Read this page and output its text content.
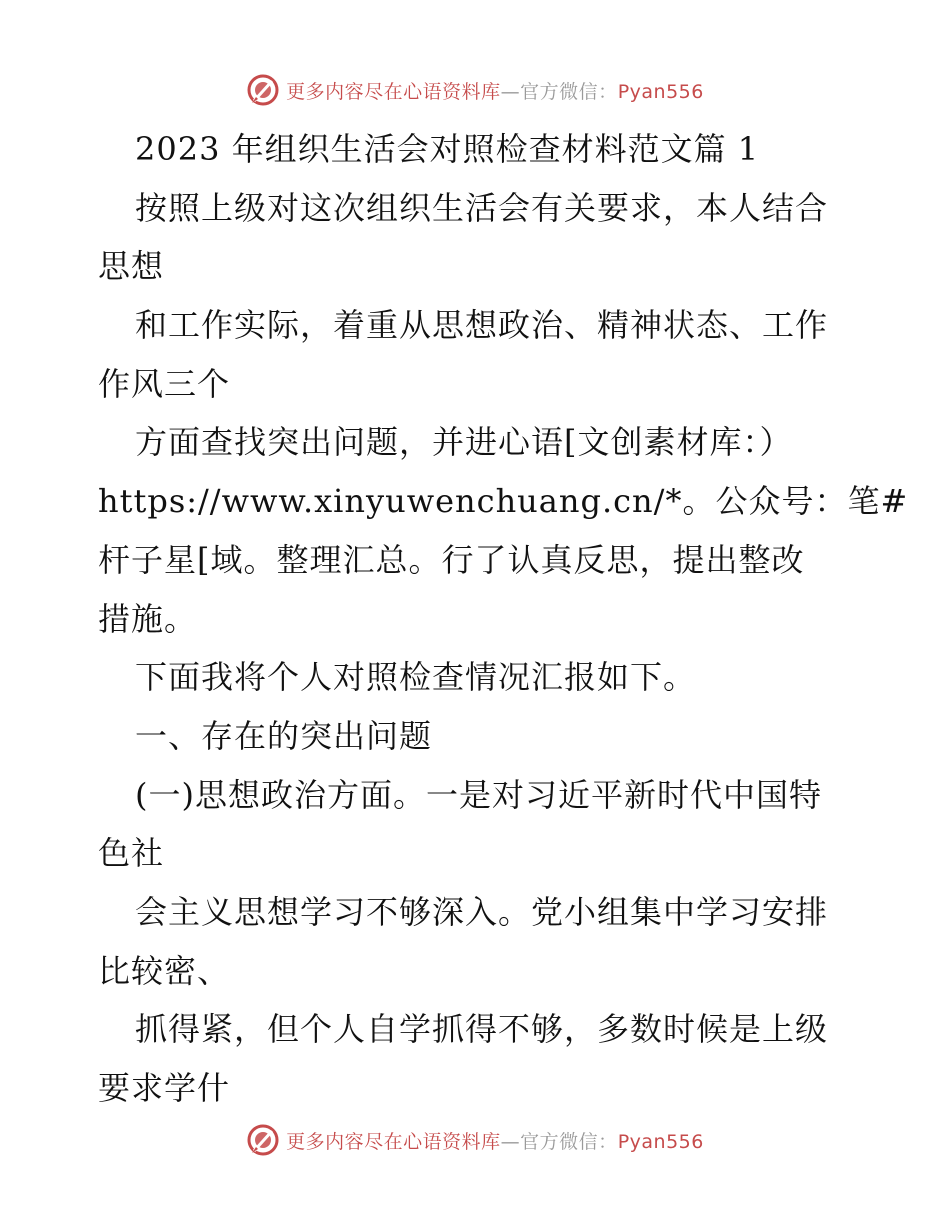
更多内容尽在心语资料库—官方微信：Pyan556
2023 年组织生活会对照检查材料范文篇 1
按照上级对这次组织生活会有关要求，本人结合
思想
和工作实际，着重从思想政治、精神状态、工作
作风三个
方面查找突出问题，并进心语[文创素材库：）
https://www.xinyuwenchuang.cn/*。公众号：笔#
杆子星[域。整理汇总。行了认真反思，提出整改
措施。
下面我将个人对照检查情况汇报如下。
一、存在的突出问题
(一)思想政治方面。一是对习近平新时代中国特
色社
会主义思想学习不够深入。党小组集中学习安排
比较密、
抓得紧，但个人自学抓得不够，多数时候是上级
要求学什
更多内容尽在心语资料库—官方微信：Pyan556
